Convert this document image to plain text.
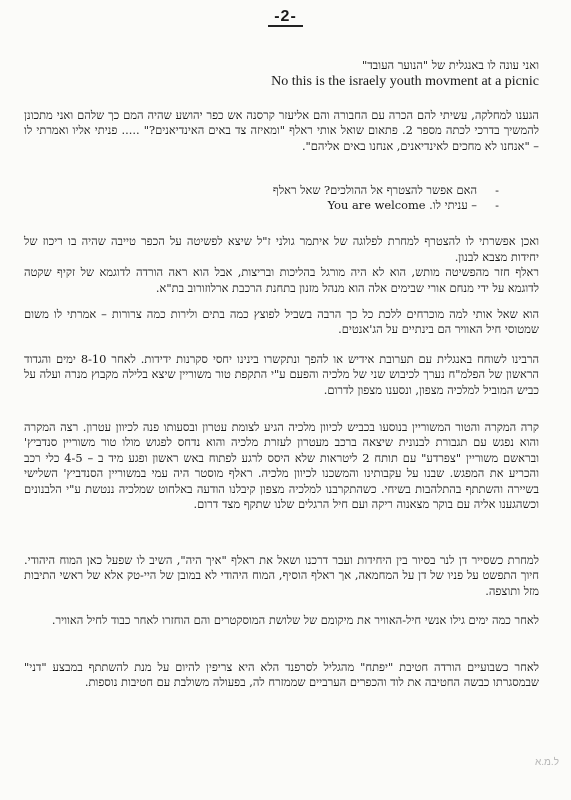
-2-

ואני עונה לו באנגלית של "הנוער העובד"

No this is the israely youth movment at a picnic

הגענו למחלקה, עשיתי להם הכרה עם החבורה והם אליעזר קרסנה אש כפר יהושע שהיה המם כך שלהם ואני מתכונן להמשיך בדרכי לכתה מספר 2. פתאום שואל אותי ראלף "ומאיזה צד באים האינדיאנים?" ..... פניתי אליו ואמרתי לו – "אנחנו לא מחכים לאינדיאנים, אנחנו באים אליהם".

- האם אפשר להצטרף אל ההולכים? שאל ראלף
- – עניתי לו. You are welcome

ואכן אפשרתי לו להצטרף למחרת לפלוגה של איתמר גולני ז"ל שיצא לפשיטה על הכפר טייבה שהיה בו ריכוז של יחידות מצבא לבנון.
ראלף חזר מהפשיטה מותש, הוא לא היה מורגל בהליכות ובריצות, אבל הוא ראה הורדה לדוגמא של זקיף שקטה לדוגמא על ידי מנחם אורי שבימים אלה הוא מנהל מזנון בתחנת הרכבת ארלוזורוב בת"א.

הוא שאל אותי למה מוכרחים ללכת כל כך הרבה בשביל לפוצץ כמה בתים ולירות כמה צרורות – אמרתי לו משום שמטוסי חיל האוויר הם בינתיים על הג'אנטים.

הרבינו לשוחח באנגלית עם תערובת אידיש או להפך ונתקשרו בינינו יחסי סקרנות ידידות. לאחר 8-10 ימים והגדוד הראשון של הפלמ"ח נערך לכיבוש שני של מלכיה והפעם ע"י התקפת טור משוריין שיצא בלילה מקבוץ מנרה ועלה על כביש המוביל למלכיה מצפון, ונסענו מצפון לדרום.

קרה המקרה והטור המשוריין בנוסעו בכביש לכיוון מלכיה הגיע לצומת עטרון ובסעותו פנה לכיוון עטרון. רצה המקרה והוא נפגש עם תגבורת לבנונית שיצאה ברכב מעטרון לעזרת מלכיה והוא נדחס לפגוש מולו טור משוריין סנדביץ' ובראשם משוריין "צפרדע" עם תותח 2 ליטראות שלא היסס לרגע לפתוח באש ראשון ופגע מיד ב – 4-5 כלי רכב והכריע את המפגש. שבנו על עקבותינו והמשכנו לכיוון מלכיה. ראלף מוסטר היה עמי במשוריין הסנדביץ' השלישי בשיירה והשתתף בהתלהבות בשיחי. כשהתקרבנו למלכיה מצפון קיבלנו הודעה באלחוט שמלכיה ננטשת ע"י הלבנונים וכשהגענו אליה עם בוקר מצאנוה ריקה ועם חיל הרגלים שלנו שתקף מצד דרום.

למחרת כשסייר דן לנר בסיור בין היחידות ועבר דרכנו ושאל את ראלף "איך היה", השיב לו שפעל כאן המוח היהודי. חיוך התפשט על פניו של דן על המחמאה, אך ראלף הוסיף, המוח היהודי לא במובן של היי-טק אלא של ראשי התיבות מזל ותוצפה.

לאחר כמה ימים גילו אנשי חיל-האוויר את מיקומם של שלושת המוסקטרים והם הוחזרו לאחר כבוד לחיל האוויר.

לאחר כשבועיים הורדה חטיבת "יפתח" מהגליל לסרפנד הלא היא צריפין להיום על מנת להשתתף במבצע "דני" שבמסגרתו כבשה החטיבה את לוד והכפרים הערביים שממזרח לה, בפעולה משולבת עם חטיבות נוספות.

ל.מ.א
